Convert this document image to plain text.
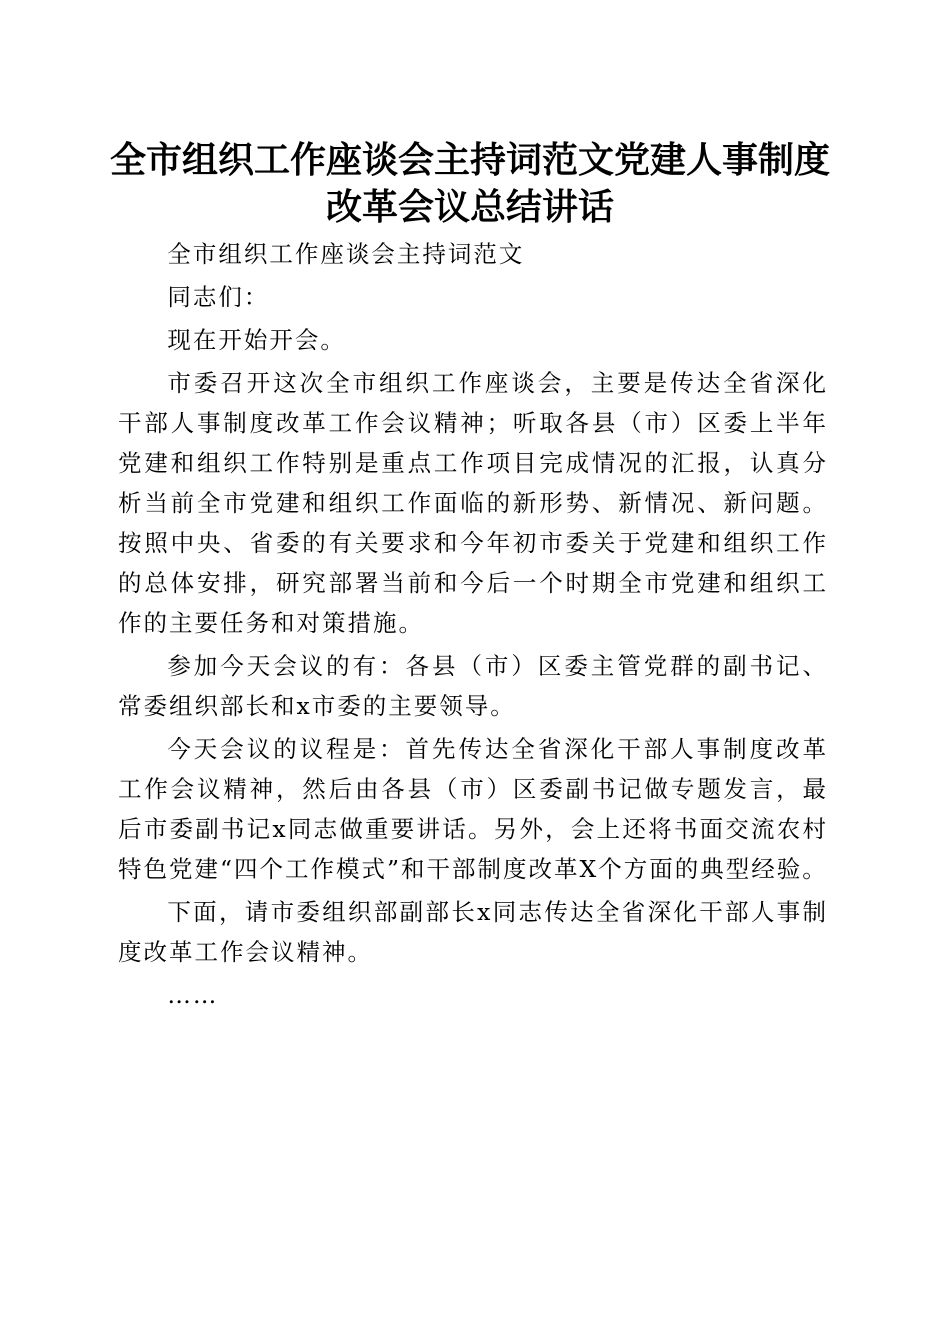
全市组织工作座谈会主持词范文党建人事制度
改革会议总结讲话

全市组织工作座谈会主持词范文

同志们：

现在开始开会。

市委召开这次全市组织工作座谈会，主要是传达全省深化干部人事制度改革工作会议精神；听取各县（市）区委上半年党建和组织工作特别是重点工作项目完成情况的汇报，认真分析当前全市党建和组织工作面临的新形势、新情况、新问题。按照中央、省委的有关要求和今年初市委关于党建和组织工作的总体安排，研究部署当前和今后一个时期全市党建和组织工作的主要任务和对策措施。

参加今天会议的有：各县（市）区委主管党群的副书记、常委组织部长和x市委的主要领导。

今天会议的议程是：首先传达全省深化干部人事制度改革工作会议精神，然后由各县（市）区委副书记做专题发言，最后市委副书记x同志做重要讲话。另外，会上还将书面交流农村特色党建“四个工作模式”和干部制度改革X个方面的典型经验。

下面，请市委组织部副部长x同志传达全省深化干部人事制度改革工作会议精神。

……
